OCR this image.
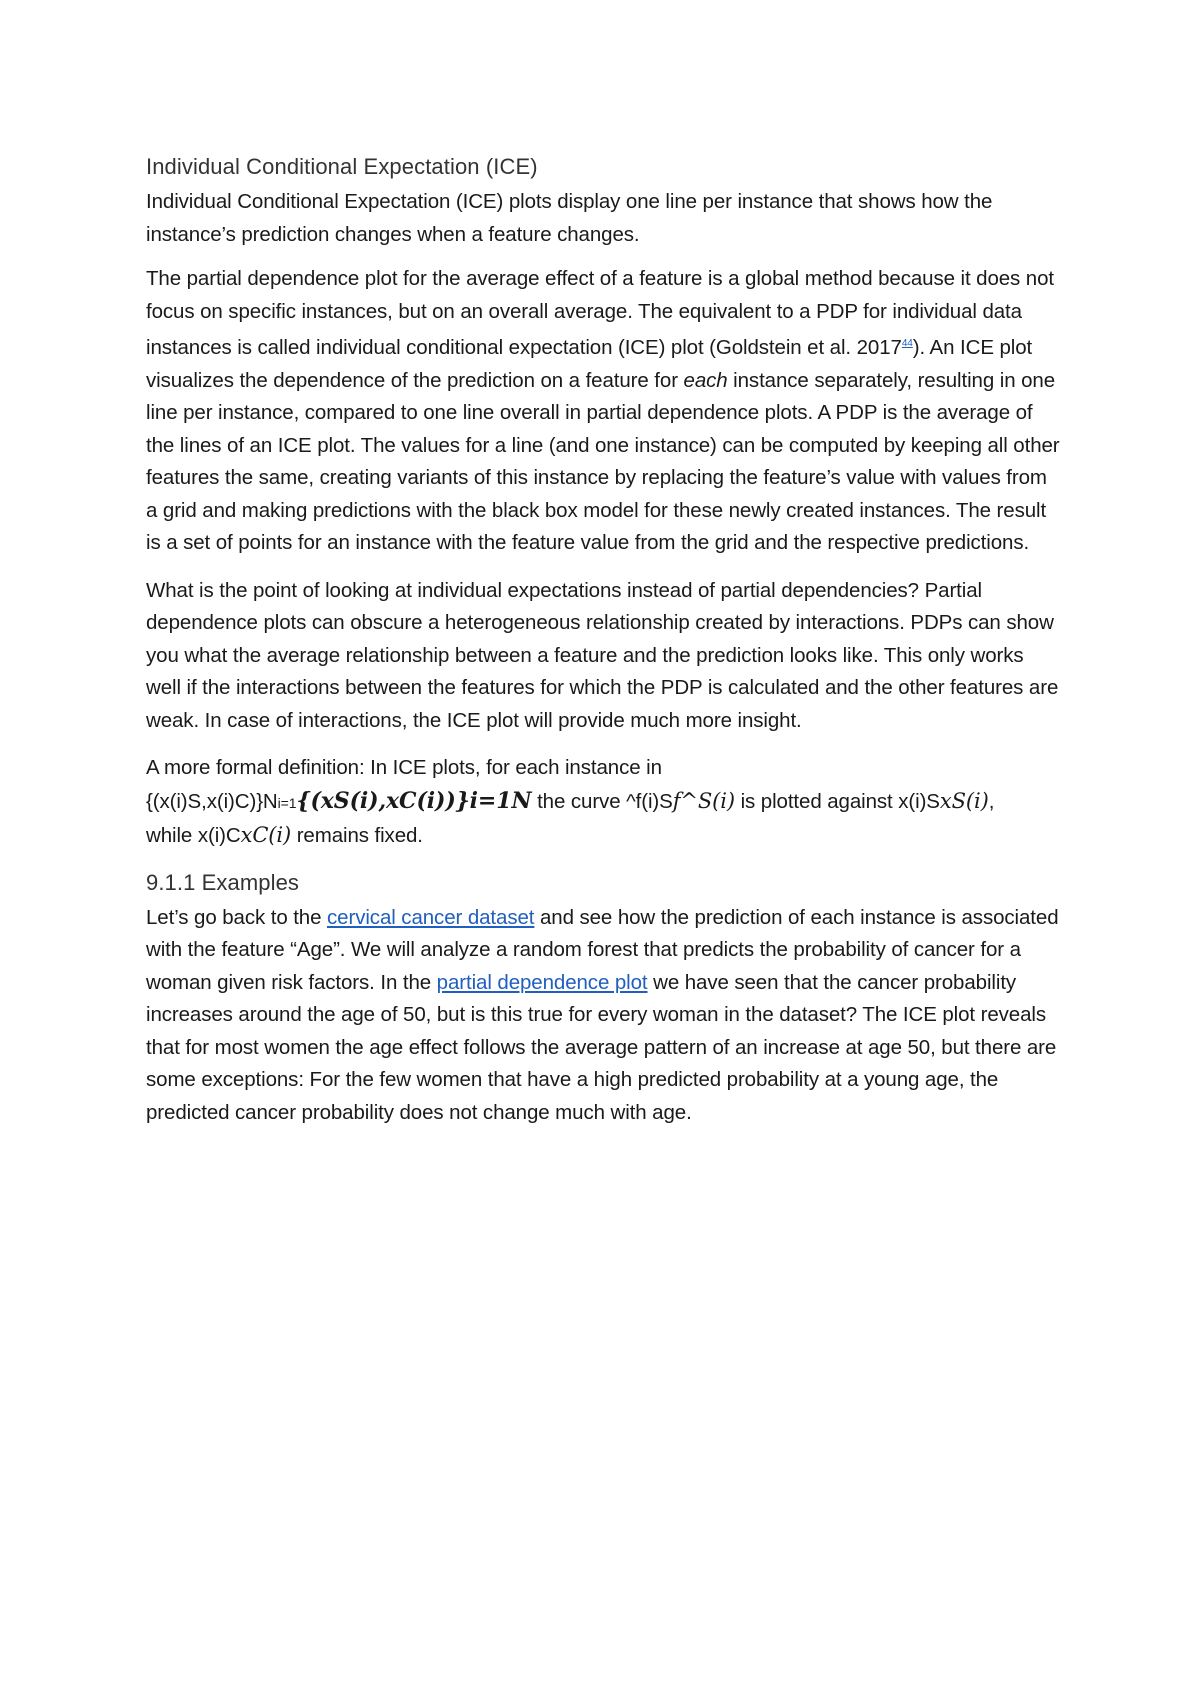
Individual Conditional Expectation (ICE)

Individual Conditional Expectation (ICE) plots display one line per instance that shows how the instance’s prediction changes when a feature changes.

The partial dependence plot for the average effect of a feature is a global method because it does not focus on specific instances, but on an overall average. The equivalent to a PDP for individual data instances is called individual conditional expectation (ICE) plot (Goldstein et al. 2017$^{44}$). An ICE plot visualizes the dependence of the prediction on a feature for each instance separately, resulting in one line per instance, compared to one line overall in partial dependence plots. A PDP is the average of the lines of an ICE plot. The values for a line (and one instance) can be computed by keeping all other features the same, creating variants of this instance by replacing the feature’s value with values from a grid and making predictions with the black box model for these newly created instances. The result is a set of points for an instance with the feature value from the grid and the respective predictions.

What is the point of looking at individual expectations instead of partial dependencies? Partial dependence plots can obscure a heterogeneous relationship created by interactions. PDPs can show you what the average relationship between a feature and the prediction looks like. This only works well if the interactions between the features for which the PDP is calculated and the other features are weak. In case of interactions, the ICE plot will provide much more insight.

A more formal definition: In ICE plots, for each instance in
{(x(i)S,x(i)C)}Ni=1{(xS(i),xC(i))}i=1N the curve ^f(i)Sf^S(i) is plotted against x(i)SxS(i),
while x(i)CxC(i) remains fixed.

9.1.1 Examples

Let’s go back to the cervical cancer dataset and see how the prediction of each instance is associated with the feature “Age”. We will analyze a random forest that predicts the probability of cancer for a woman given risk factors. In the partial dependence plot we have seen that the cancer probability increases around the age of 50, but is this true for every woman in the dataset? The ICE plot reveals that for most women the age effect follows the average pattern of an increase at age 50, but there are some exceptions: For the few women that have a high predicted probability at a young age, the predicted cancer probability does not change much with age.
